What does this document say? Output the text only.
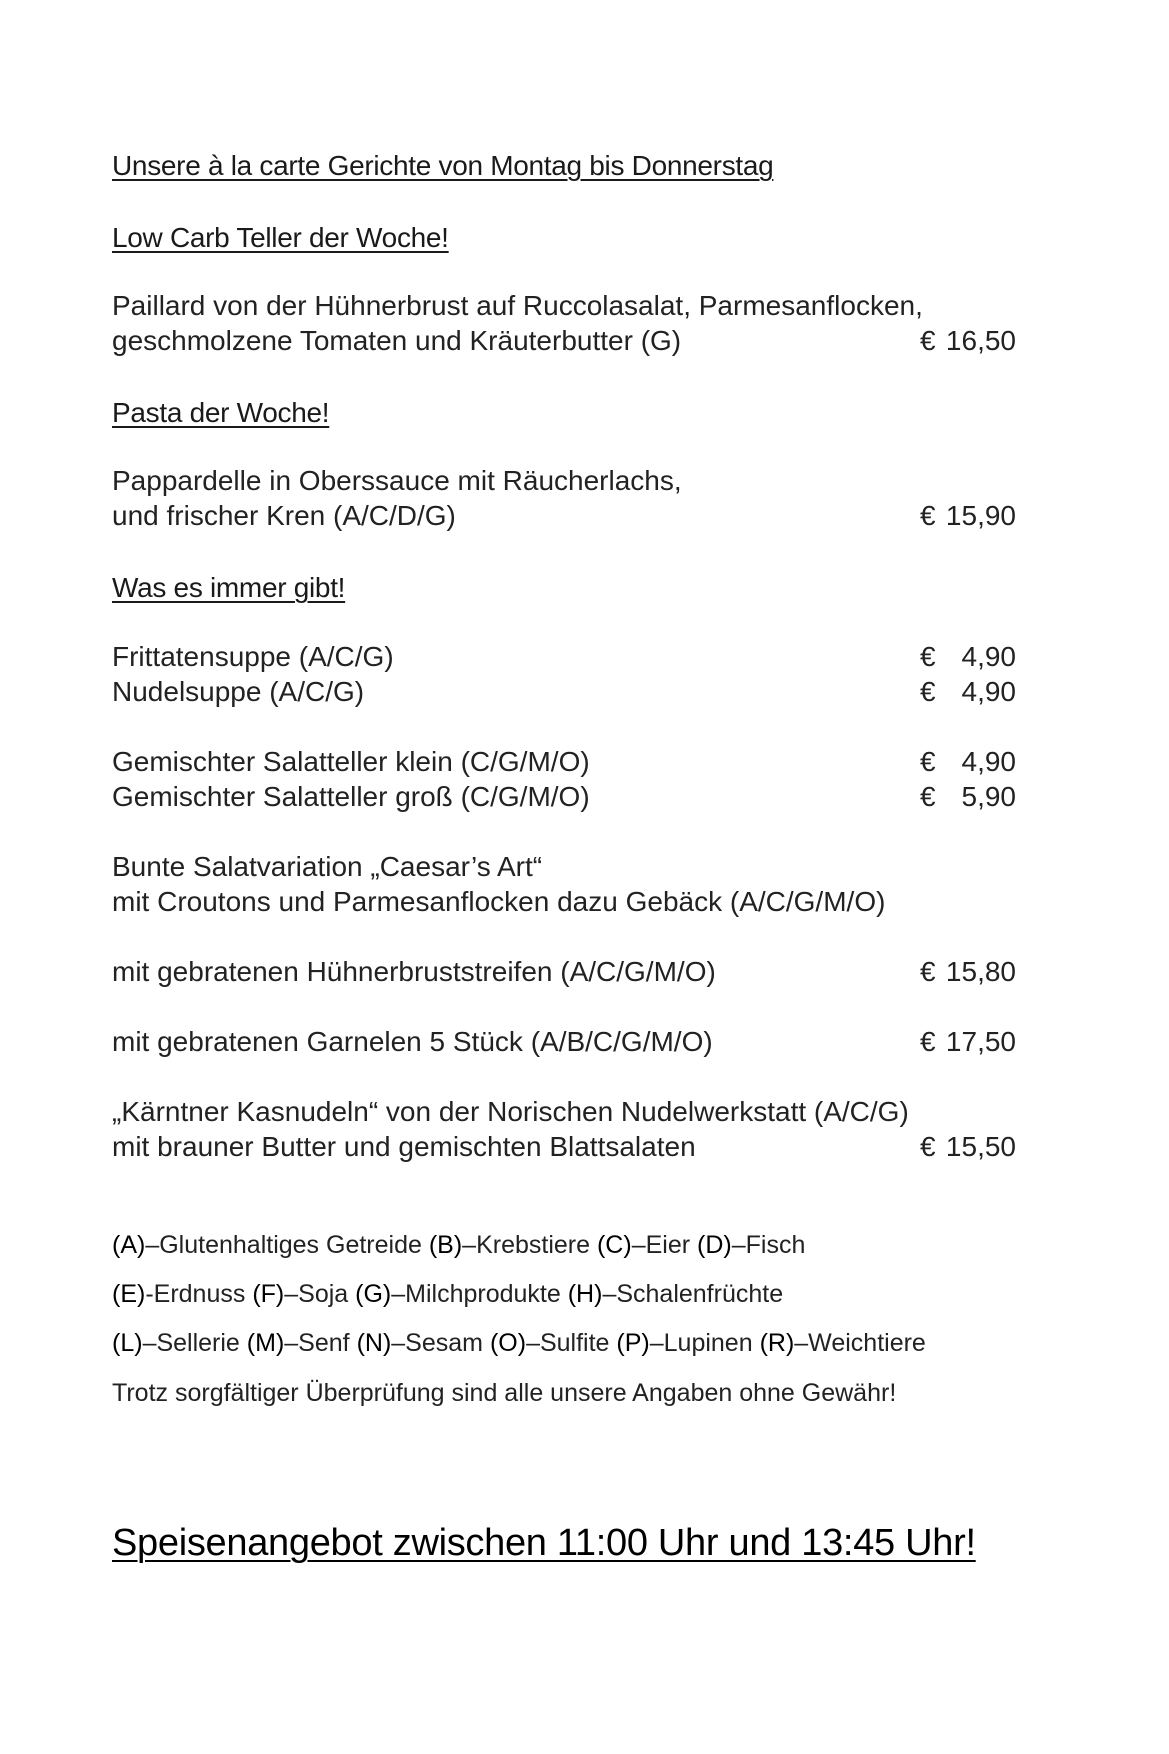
Unsere à la carte Gerichte von Montag bis Donnerstag
Low Carb Teller der Woche!
Paillard von der Hühnerbrust auf Ruccolasalat, Parmesanflocken,
geschmolzene Tomaten und Kräuterbutter (G)	€ 16,50
Pasta der Woche!
Pappardelle in Oberssauce mit Räucherlachs,
und frischer Kren (A/C/D/G)	€ 15,90
Was es immer gibt!
Frittatensuppe (A/C/G)	€ 4,90
Nudelsuppe (A/C/G)	€ 4,90
Gemischter Salatteller klein (C/G/M/O)	€ 4,90
Gemischter Salatteller groß (C/G/M/O)	€ 5,90
Bunte Salatvariation „Caesar’s Art“
mit Croutons und Parmesanflocken dazu Gebäck (A/C/G/M/O)
mit gebratenen Hühnerbruststreifen (A/C/G/M/O)	€ 15,80
mit gebratenen Garnelen 5 Stück (A/B/C/G/M/O)	€ 17,50
„Kärntner Kasnudeln“ von der Norischen Nudelwerkstatt (A/C/G)
mit brauner Butter und gemischten Blattsalaten	€ 15,50
(A)–Glutenhaltiges Getreide (B)–Krebstiere (C)–Eier (D)–Fisch
(E)-Erdnuss (F)–Soja (G)–Milchprodukte (H)–Schalenfrüchte
(L)–Sellerie (M)–Senf (N)–Sesam (O)–Sulfite (P)–Lupinen (R)–Weichtiere
Trotz sorgfältiger Überprüfung sind alle unsere Angaben ohne Gewähr!
Speisenangebot zwischen 11:00 Uhr und 13:45 Uhr!
